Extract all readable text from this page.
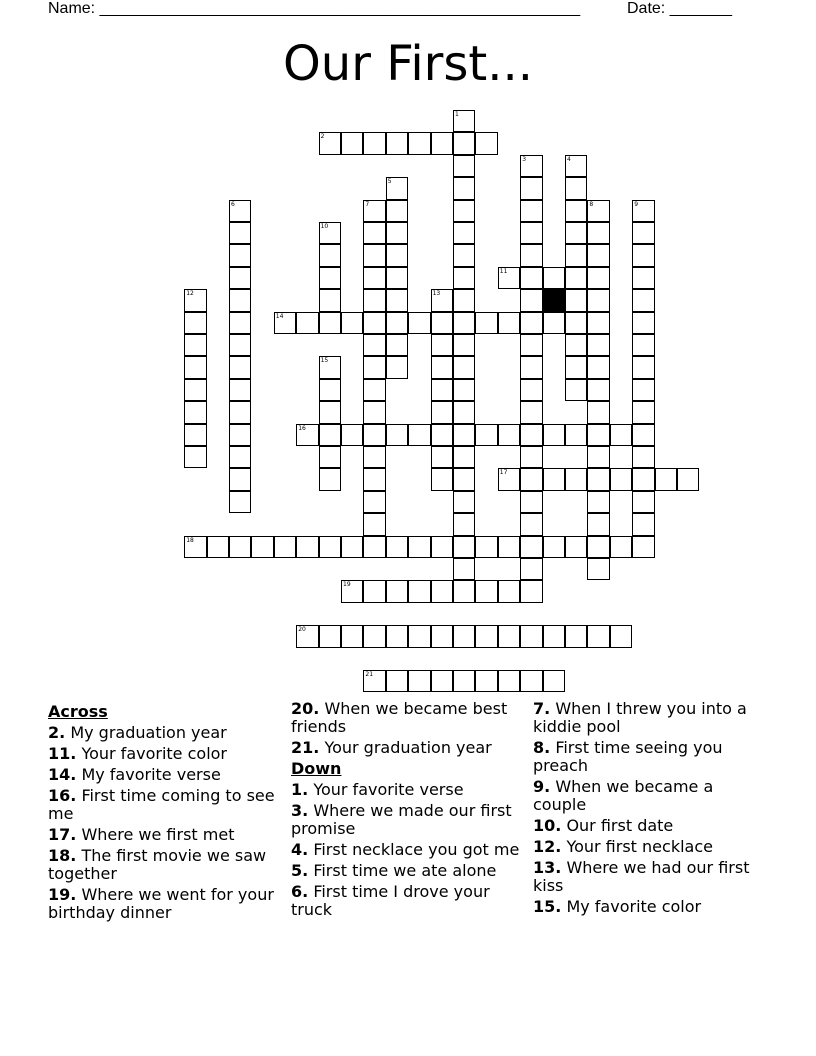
Name: ______________________________________________________	Date: _______
Our First...
1
2
3	4
5
6	7	8	9
10
11
12	13
14
15
16
17
18
19
20
21
Across
2. My graduation year
11. Your favorite color
14. My favorite verse
16. First time coming to see me
17. Where we first met
18. The first movie we saw together
19. Where we went for your birthday dinner
20. When we became best friends
21. Your graduation year
Down
1. Your favorite verse
3. Where we made our first promise
4. First necklace you got me
5. First time we ate alone
6. First time I drove your truck
7. When I threw you into a kiddie pool
8. First time seeing you preach
9. When we became a couple
10. Our first date
12. Your first necklace
13. Where we had our first kiss
15. My favorite color
